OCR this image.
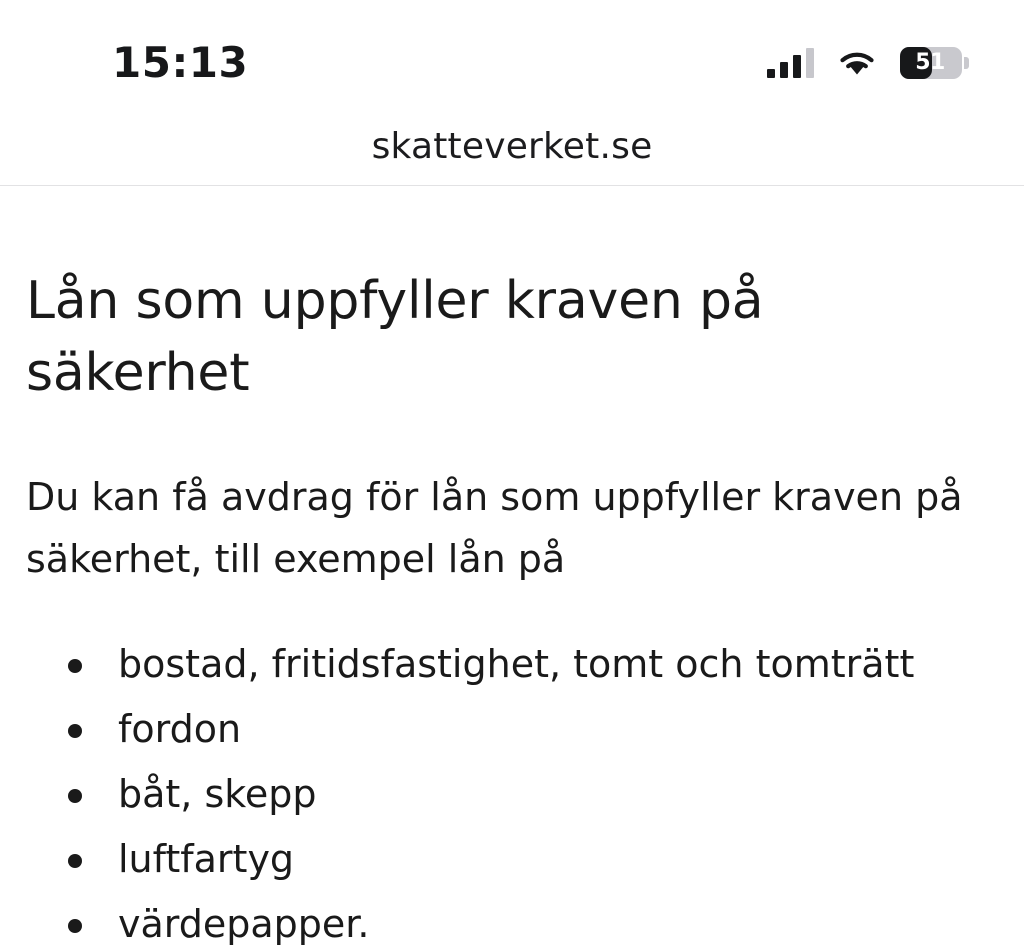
15:13	51
skatteverket.se
Lån som uppfyller kraven på säkerhet

Du kan få avdrag för lån som uppfyller kraven på säkerhet, till exempel lån på

bostad, fritidsfastighet, tomt och tomträtt
fordon
båt, skepp
luftfartyg
värdepapper.
